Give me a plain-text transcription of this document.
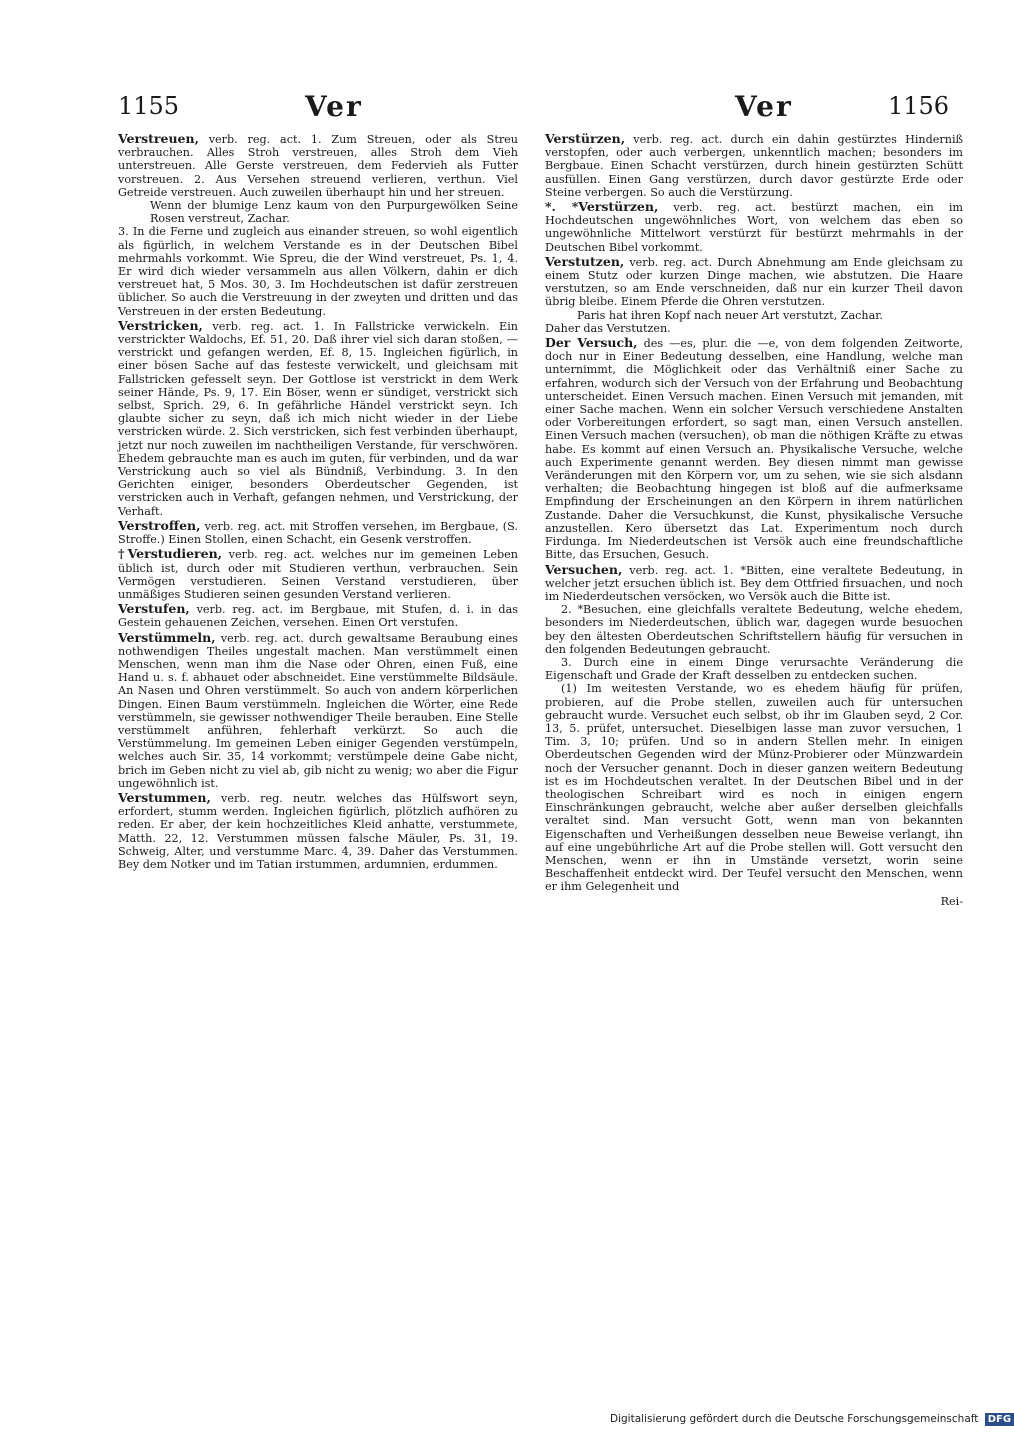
1155	Ver	Ver	1156

Verstreuen, verb. reg. act. 1. Zum Streuen, oder als Streu verbrauchen. Alles Stroh verstreuen, alles Stroh dem Vieh unterstreuen. Alle Gerste verstreuen, dem Federvieh als Futter vorstreuen. 2. Aus Versehen streuend verlieren, verthun. Viel Getreide verstreuen. Auch zuweilen überhaupt hin und her streuen.

Wenn der blumige Lenz kaum von den Purpurgewölken Seine Rosen verstreut, Zachar.

3. In die Ferne und zugleich aus einander streuen, so wohl eigentlich als figürlich, in welchem Verstande es in der Deutschen Bibel mehrmahls vorkommt. Wie Spreu, die der Wind verstreuet, Ps. 1, 4. Er wird dich wieder versammeln aus allen Völkern, dahin er dich verstreuet hat, 5 Mos. 30, 3. Im Hochdeutschen ist dafür zerstreuen üblicher. So auch die Verstreuung in der zweyten und dritten und das Verstreuen in der ersten Bedeutung.

Verstricken, verb. reg. act. 1. In Fallstricke verwickeln. Ein verstrickter Waldochs, Ef. 51, 20. Daß ihrer viel sich daran stoßen, — verstrickt und gefangen werden, Ef. 8, 15. Ingleichen figürlich, in einer bösen Sache auf das festeste verwickelt, und gleichsam mit Fallstricken gefesselt seyn. Der Gottlose ist verstrickt in dem Werk seiner Hände, Ps. 9, 17. Ein Böser, wenn er sündiget, verstrickt sich selbst, Sprich. 29, 6. In gefährliche Händel verstrickt seyn. Ich glaubte sicher zu seyn, daß ich mich nicht wieder in der Liebe verstricken würde. 2. Sich verstricken, sich fest verbinden überhaupt, jetzt nur noch zuweilen im nachtheiligen Verstande, für verschwören. Ehedem gebrauchte man es auch im guten, für verbinden, und da war Verstrickung auch so viel als Bündniß, Verbindung. 3. In den Gerichten einiger, besonders Oberdeutscher Gegenden, ist verstricken auch in Verhaft, gefangen nehmen, und Verstrickung, der Verhaft.

Verstroffen, verb. reg. act. mit Stroffen versehen, im Bergbaue, (S. Stroffe.) Einen Stollen, einen Schacht, ein Gesenk verstroffen.

†Verstudieren, verb. reg. act. welches nur im gemeinen Leben üblich ist, durch oder mit Studieren verthun, verbrauchen. Sein Vermögen verstudieren. Seinen Verstand verstudieren, über unmäßiges Studieren seinen gesunden Verstand verlieren.

Verstufen, verb. reg. act. im Bergbaue, mit Stufen, d. i. in das Gestein gehauenen Zeichen, versehen. Einen Ort verstufen.

Verstümmeln, verb. reg. act. durch gewaltsame Beraubung eines nothwendigen Theiles ungestalt machen. Man verstümmelt einen Menschen, wenn man ihm die Nase oder Ohren, einen Fuß, eine Hand u. s. f. abhauet oder abschneidet. Eine verstümmelte Bildsäule. An Nasen und Ohren verstümmelt. So auch von andern körperlichen Dingen. Einen Baum verstümmeln. Ingleichen die Wörter, eine Rede verstümmeln, sie gewisser nothwendiger Theile berauben. Eine Stelle verstümmelt anführen, fehlerhaft verkürzt. So auch die Verstümmelung. Im gemeinen Leben einiger Gegenden verstümpeln, welches auch Sir. 35, 14 vorkommt; verstümpele deine Gabe nicht, brich im Geben nicht zu viel ab, gib nicht zu wenig; wo aber die Figur ungewöhnlich ist.

Verstummen, verb. reg. neutr. welches das Hülfswort seyn, erfordert, stumm werden. Ingleichen figürlich, plötzlich aufhören zu reden. Er aber, der kein hochzeitliches Kleid anhatte, verstummete, Matth. 22, 12. Verstummen müssen falsche Mäuler, Ps. 31, 19. Schweig, Alter, und verstumme Marc. 4, 39. Daher das Verstummen. Bey dem Notker und im Tatian irstummen, ardumnien, erdummen.

Verstürzen, verb. reg. act. durch ein dahin gestürztes Hinderniß verstopfen, oder auch verbergen, unkenntlich machen; besonders im Bergbaue. Einen Schacht verstürzen, durch hinein gestürzten Schütt ausfüllen. Einen Gang verstürzen, durch davor gestürzte Erde oder Steine verbergen. So auch die Verstürzung.

*. *Verstürzen, verb. reg. act. bestürzt machen, ein im Hochdeutschen ungewöhnliches Wort, von welchem das eben so ungewöhnliche Mittelwort verstürzt für bestürzt mehrmahls in der Deutschen Bibel vorkommt.

Verstutzen, verb. reg. act. Durch Abnehmung am Ende gleichsam zu einem Stutz oder kurzen Dinge machen, wie abstutzen. Die Haare verstutzen, so am Ende verschneiden, daß nur ein kurzer Theil davon übrig bleibe. Einem Pferde die Ohren verstutzen.

Paris hat ihren Kopf nach neuer Art verstutzt, Zachar.

Daher das Verstutzen.

Der Versuch, des —es, plur. die —e, von dem folgenden Zeitworte, doch nur in Einer Bedeutung desselben, eine Handlung, welche man unternimmt, die Möglichkeit oder das Verhältniß einer Sache zu erfahren, wodurch sich der Versuch von der Erfahrung und Beobachtung unterscheidet. Einen Versuch machen. Einen Versuch mit jemanden, mit einer Sache machen. Wenn ein solcher Versuch verschiedene Anstalten oder Vorbereitungen erfordert, so sagt man, einen Versuch anstellen. Einen Versuch machen (versuchen), ob man die nöthigen Kräfte zu etwas habe. Es kommt auf einen Versuch an. Physikalische Versuche, welche auch Experimente genannt werden. Bey diesen nimmt man gewisse Veränderungen mit den Körpern vor, um zu sehen, wie sie sich alsdann verhalten; die Beobachtung hingegen ist bloß auf die aufmerksame Empfindung der Erscheinungen an den Körpern in ihrem natürlichen Zustande. Daher die Versuchkunst, die Kunst, physikalische Versuche anzustellen. Kero übersetzt das Lat. Experimentum noch durch Firdunga. Im Niederdeutschen ist Versök auch eine freundschaftliche Bitte, das Ersuchen, Gesuch.

Versuchen, verb. reg. act. 1. *Bitten, eine veraltete Bedeutung, in welcher jetzt ersuchen üblich ist. Bey dem Ottfried firsuachen, und noch im Niederdeutschen versöcken, wo Versök auch die Bitte ist.

2. *Besuchen, eine gleichfalls veraltete Bedeutung, welche ehedem, besonders im Niederdeutschen, üblich war, dagegen wurde besuochen bey den ältesten Oberdeutschen Schriftstellern häufig für versuchen in den folgenden Bedeutungen gebraucht.

3. Durch eine in einem Dinge verursachte Veränderung die Eigenschaft und Grade der Kraft desselben zu entdecken suchen.

(1) Im weitesten Verstande, wo es ehedem häufig für prüfen, probieren, auf die Probe stellen, zuweilen auch für untersuchen gebraucht wurde. Versuchet euch selbst, ob ihr im Glauben seyd, 2 Cor. 13, 5. prüfet, untersuchet. Dieselbigen lasse man zuvor versuchen, 1 Tim. 3, 10; prüfen. Und so in andern Stellen mehr. In einigen Oberdeutschen Gegenden wird der Münz-Probierer oder Münzwardein noch der Versucher genannt. Doch in dieser ganzen weitern Bedeutung ist es im Hochdeutschen veraltet. In der Deutschen Bibel und in der theologischen Schreibart wird es noch in einigen engern Einschränkungen gebraucht, welche aber außer derselben gleichfalls veraltet sind. Man versucht Gott, wenn man von bekannten Eigenschaften und Verheißungen desselben neue Beweise verlangt, ihn auf eine ungebührliche Art auf die Probe stellen will. Gott versucht den Menschen, wenn er ihn in Umstände versetzt, worin seine Beschaffenheit entdeckt wird. Der Teufel versucht den Menschen, wenn er ihm Gelegenheit und

Rei-

Digitalisierung gefördert durch die Deutsche Forschungsgemeinschaft DFG
